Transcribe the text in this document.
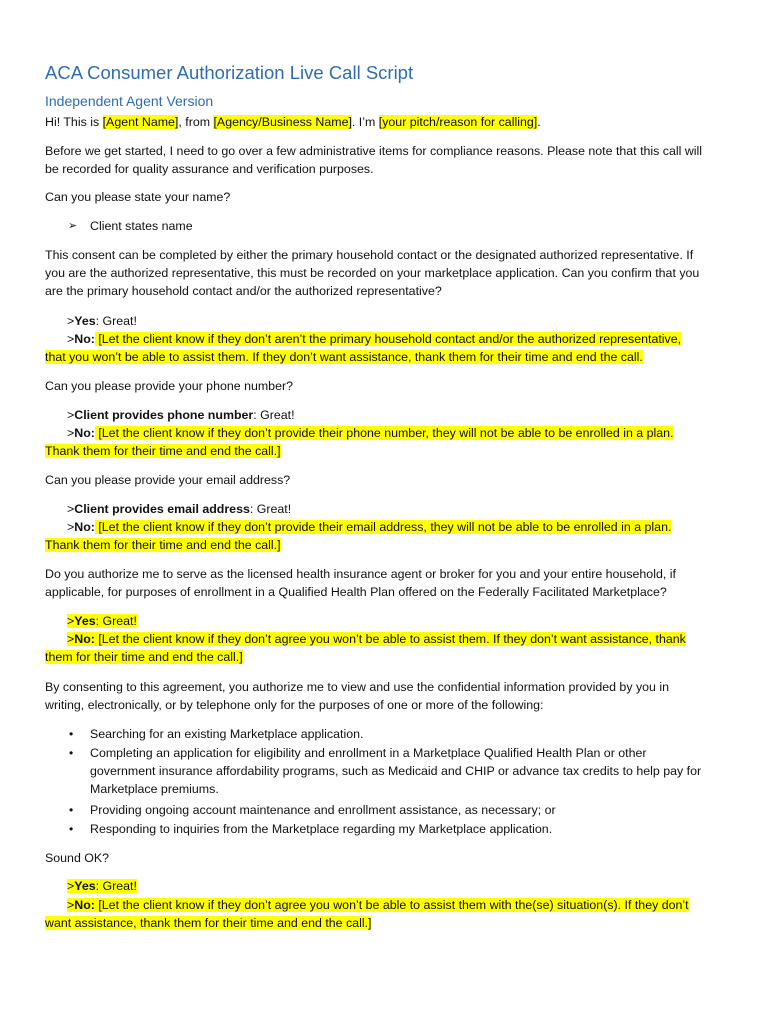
ACA Consumer Authorization Live Call Script
Independent Agent Version

Hi! This is [Agent Name], from [Agency/Business Name]. I’m [your pitch/reason for calling].

Before we get started, I need to go over a few administrative items for compliance reasons. Please note that this call will

be recorded for quality assurance and verification purposes.

Can you please state your name?

➢ Client states name

This consent can be completed by either the primary household contact or the designated authorized representative. If

you are the authorized representative, this must be recorded on your marketplace application. Can you confirm that you

are the primary household contact and/or the authorized representative?

>Yes: Great!

>No: [Let the client know if they don’t aren’t the primary household contact and/or the authorized representative,

that you won’t be able to assist them. If they don’t want assistance, thank them for their time and end the call.

Can you please provide your phone number?

>Client provides phone number: Great!

>No: [Let the client know if they don’t provide their phone number, they will not be able to be enrolled in a plan.

Thank them for their time and end the call.]

Can you please provide your email address?

>Client provides email address: Great!

>No: [Let the client know if they don’t provide their email address, they will not be able to be enrolled in a plan.

Thank them for their time and end the call.]

Do you authorize me to serve as the licensed health insurance agent or broker for you and your entire household, if

applicable, for purposes of enrollment in a Qualified Health Plan offered on the Federally Facilitated Marketplace?

>Yes: Great!

>No: [Let the client know if they don’t agree you won’t be able to assist them. If they don’t want assistance, thank

them for their time and end the call.]

By consenting to this agreement, you authorize me to view and use the confidential information provided by you in

writing, electronically, or by telephone only for the purposes of one or more of the following:

• Searching for an existing Marketplace application.

• Completing an application for eligibility and enrollment in a Marketplace Qualified Health Plan or other

government insurance affordability programs, such as Medicaid and CHIP or advance tax credits to help pay for

Marketplace premiums.

• Providing ongoing account maintenance and enrollment assistance, as necessary; or

• Responding to inquiries from the Marketplace regarding my Marketplace application.

Sound OK?

>Yes: Great!

>No: [Let the client know if they don’t agree you won’t be able to assist them with the(se) situation(s). If they don’t

want assistance, thank them for their time and end the call.]
